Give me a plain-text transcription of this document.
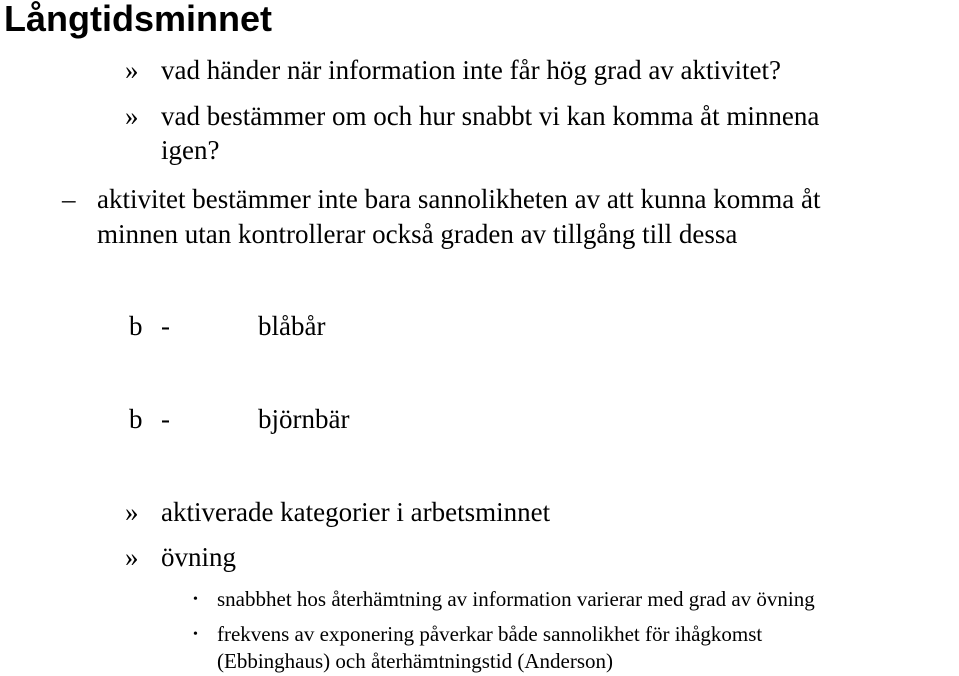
Långtidsminnet
» vad händer när information inte får hög grad av aktivitet?
» vad bestämmer om och hur snabbt vi kan komma åt minnena
igen?
– aktivitet bestämmer inte bara sannolikheten av att kunna komma åt
minnen utan kontrollerar också graden av tillgång till dessa
b -	blåbår
b -	björnbär
» aktiverade kategorier i arbetsminnet
» övning
• snabbhet hos återhämtning av information varierar med grad av övning
• frekvens av exponering påverkar både sannolikhet för ihågkomst
(Ebbinghaus) och återhämtningstid (Anderson)
